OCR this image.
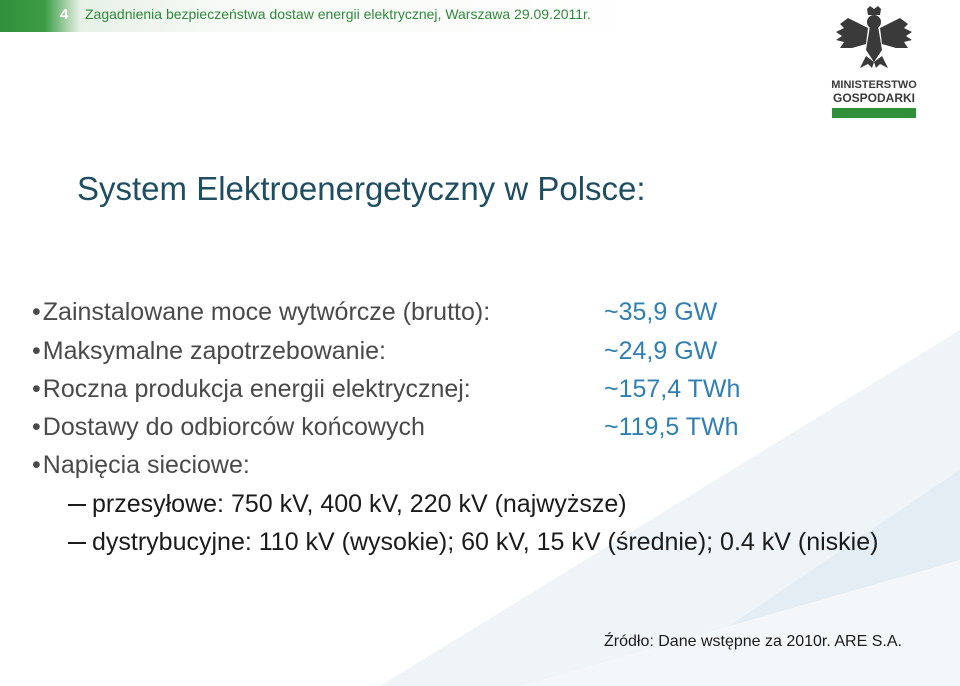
4	Zagadnienia bezpieczeństwa dostaw energii elektrycznej, Warszawa 29.09.2011r.
MINISTERSTWO
GOSPODARKI
System Elektroenergetyczny w Polsce:
•Zainstalowane moce wytwórcze (brutto):	~35,9 GW
•Maksymalne zapotrzebowanie:	~24,9 GW
•Roczna produkcja energii elektrycznej:	~157,4 TWh
•Dostawy do odbiorców końcowych	~119,5 TWh
•Napięcia sieciowe:
przesyłowe: 750 kV, 400 kV, 220 kV (najwyższe)
dystrybucyjne: 110 kV (wysokie); 60 kV, 15 kV (średnie); 0.4 kV (niskie)
Źródło: Dane wstępne za 2010r. ARE S.A.
